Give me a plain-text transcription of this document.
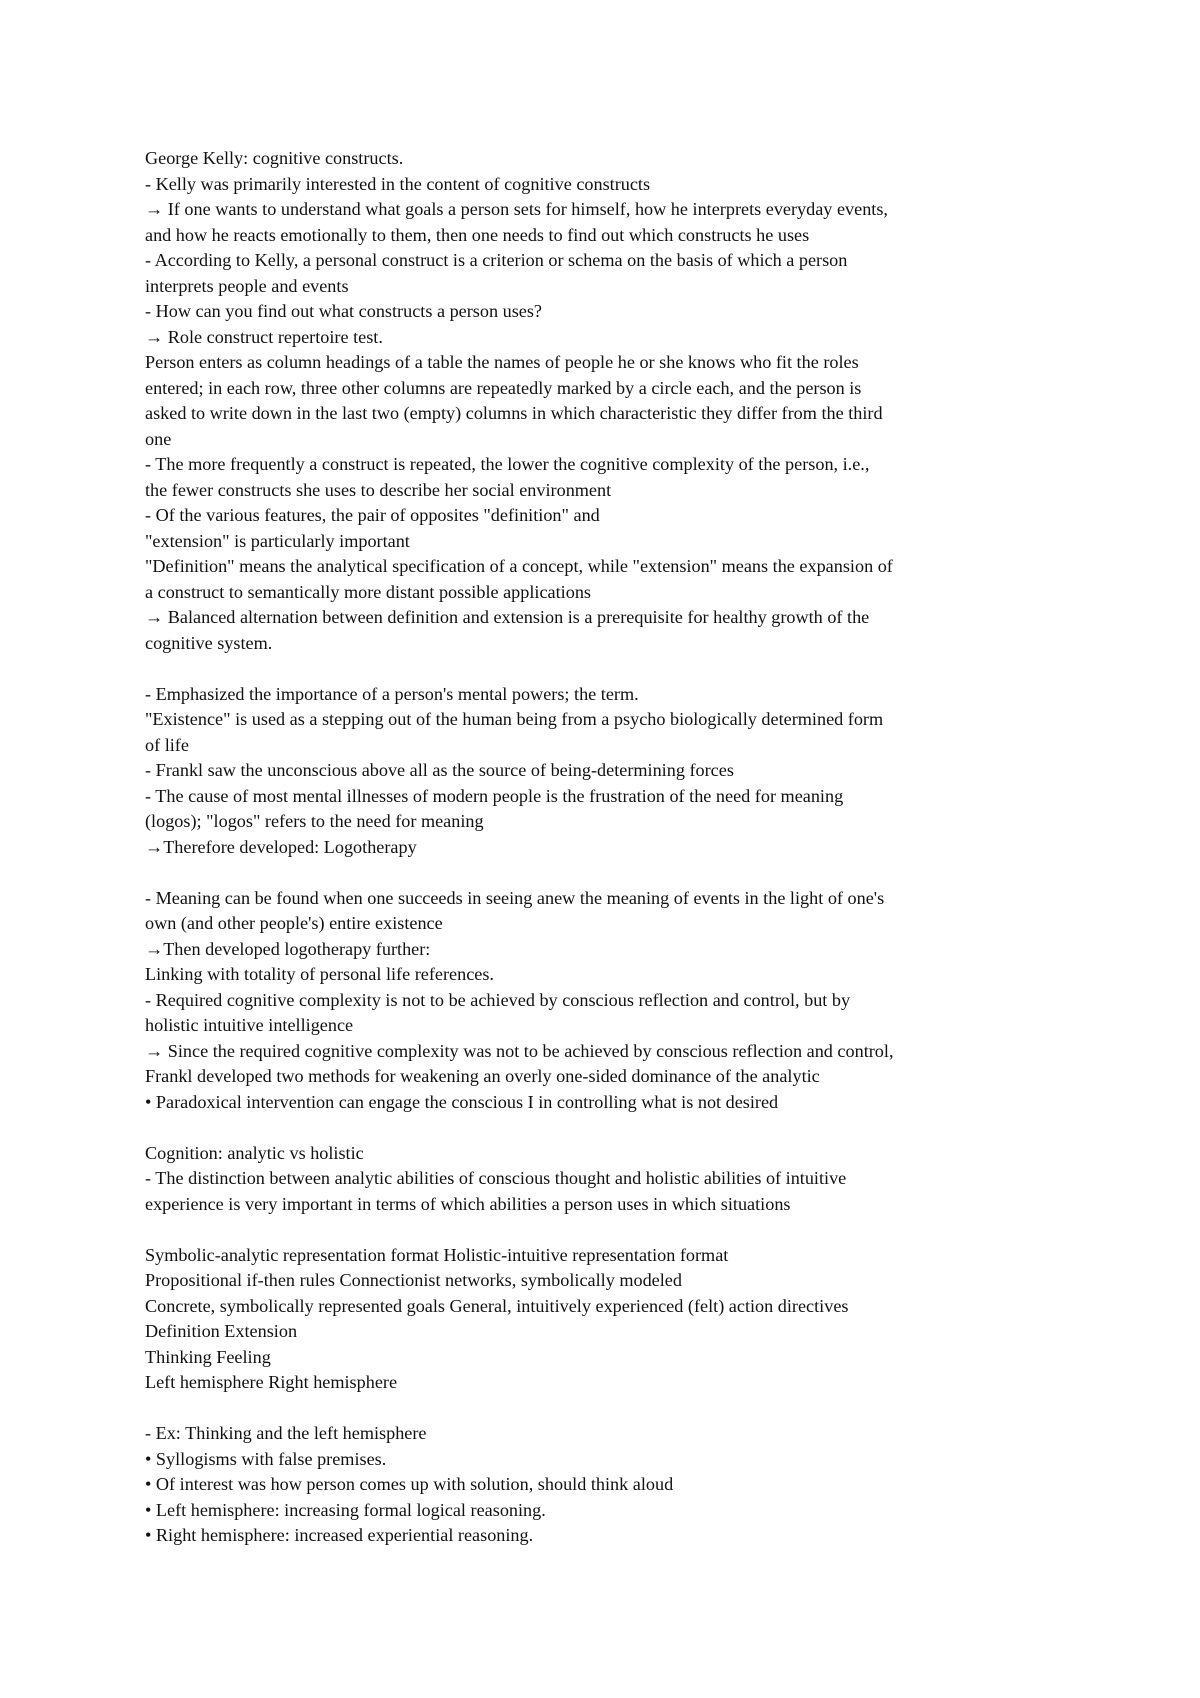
George Kelly: cognitive constructs.
- Kelly was primarily interested in the content of cognitive constructs
→ If one wants to understand what goals a person sets for himself, how he interprets everyday events,
and how he reacts emotionally to them, then one needs to find out which constructs he uses
- According to Kelly, a personal construct is a criterion or schema on the basis of which a person
interprets people and events
- How can you find out what constructs a person uses?
→ Role construct repertoire test.
Person enters as column headings of a table the names of people he or she knows who fit the roles
entered; in each row, three other columns are repeatedly marked by a circle each, and the person is
asked to write down in the last two (empty) columns in which characteristic they differ from the third
one
- The more frequently a construct is repeated, the lower the cognitive complexity of the person, i.e.,
the fewer constructs she uses to describe her social environment
- Of the various features, the pair of opposites "definition" and
"extension" is particularly important
"Definition" means the analytical specification of a concept, while "extension" means the expansion of
a construct to semantically more distant possible applications
→ Balanced alternation between definition and extension is a prerequisite for healthy growth of the
cognitive system.
- Emphasized the importance of a person's mental powers; the term.
"Existence" is used as a stepping out of the human being from a psycho biologically determined form
of life
- Frankl saw the unconscious above all as the source of being-determining forces
- The cause of most mental illnesses of modern people is the frustration of the need for meaning
(logos); "logos" refers to the need for meaning
→Therefore developed: Logotherapy
- Meaning can be found when one succeeds in seeing anew the meaning of events in the light of one's
own (and other people's) entire existence
→Then developed logotherapy further:
Linking with totality of personal life references.
- Required cognitive complexity is not to be achieved by conscious reflection and control, but by
holistic intuitive intelligence
→ Since the required cognitive complexity was not to be achieved by conscious reflection and control,
Frankl developed two methods for weakening an overly one-sided dominance of the analytic
• Paradoxical intervention can engage the conscious I in controlling what is not desired
Cognition: analytic vs holistic
- The distinction between analytic abilities of conscious thought and holistic abilities of intuitive
experience is very important in terms of which abilities a person uses in which situations
Symbolic-analytic representation format Holistic-intuitive representation format
Propositional if-then rules Connectionist networks, symbolically modeled
Concrete, symbolically represented goals General, intuitively experienced (felt) action directives
Definition Extension
Thinking Feeling
Left hemisphere Right hemisphere
- Ex: Thinking and the left hemisphere
• Syllogisms with false premises.
• Of interest was how person comes up with solution, should think aloud
• Left hemisphere: increasing formal logical reasoning.
• Right hemisphere: increased experiential reasoning.
